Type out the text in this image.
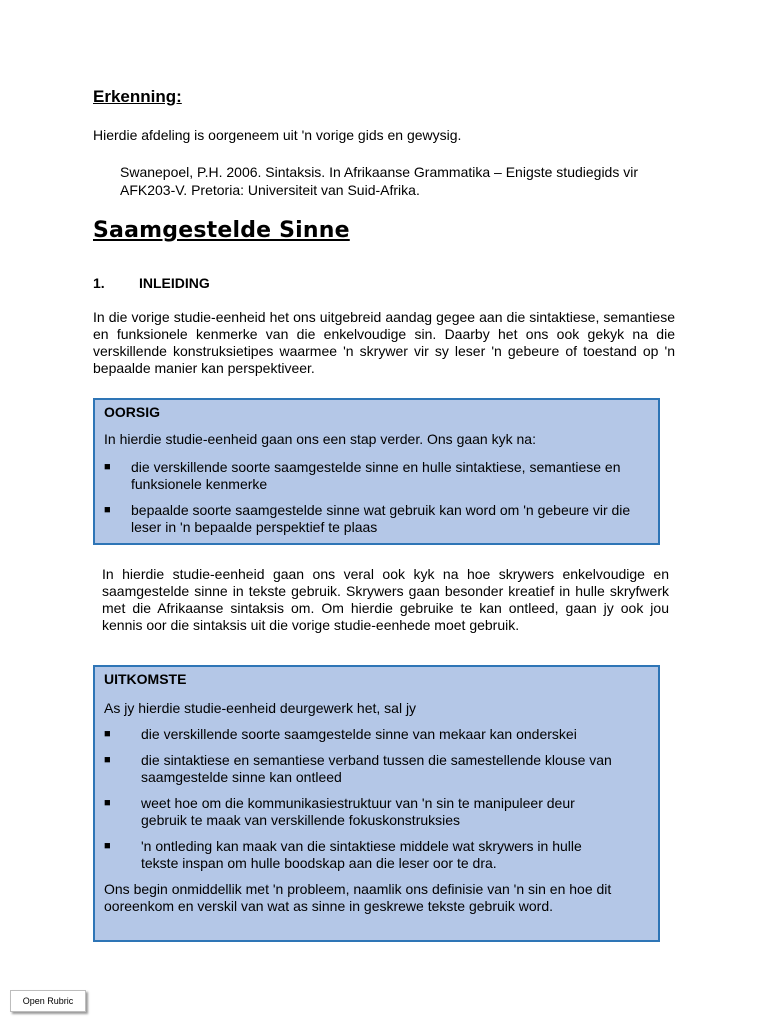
Erkenning:

Hierdie afdeling is oorgeneem uit 'n vorige gids en gewysig.

Swanepoel, P.H. 2006. Sintaksis. In Afrikaanse Grammatika – Enigste studiegids vir
AFK203-V. Pretoria: Universiteit van Suid-Afrika.
Saamgestelde Sinne
1. INLEIDING

In die vorige studie-eenheid het ons uitgebreid aandag gegee aan die sintaktiese, semantiese en funksionele kenmerke van die enkelvoudige sin. Daarby het ons ook gekyk na die verskillende konstruksietipes waarmee 'n skrywer vir sy leser 'n gebeure of toestand op 'n bepaalde manier kan perspektiveer.

OORSIG

In hierdie studie-eenheid gaan ons een stap verder. Ons gaan kyk na:

■ die verskillende soorte saamgestelde sinne en hulle sintaktiese, semantiese en
funksionele kenmerke
■ bepaalde soorte saamgestelde sinne wat gebruik kan word om 'n gebeure vir die
leser in 'n bepaalde perspektief te plaas

In hierdie studie-eenheid gaan ons veral ook kyk na hoe skrywers enkelvoudige en saamgestelde sinne in tekste gebruik. Skrywers gaan besonder kreatief in hulle skryfwerk met die Afrikaanse sintaksis om. Om hierdie gebruike te kan ontleed, gaan jy ook jou kennis oor die sintaksis uit die vorige studie-eenhede moet gebruik.

UITKOMSTE

As jy hierdie studie-eenheid deurgewerk het, sal jy

■ die verskillende soorte saamgestelde sinne van mekaar kan onderskei
■ die sintaktiese en semantiese verband tussen die samestellende klouse van
saamgestelde sinne kan ontleed
■ weet hoe om die kommunikasiestruktuur van 'n sin te manipuleer deur
gebruik te maak van verskillende fokuskonstruksies
■ 'n ontleding kan maak van die sintaktiese middele wat skrywers in hulle
tekste inspan om hulle boodskap aan die leser oor te dra.
Ons begin onmiddellik met 'n probleem, naamlik ons definisie van 'n sin en hoe dit
ooreenkom en verskil van wat as sinne in geskrewe tekste gebruik word.
Open Rubric
